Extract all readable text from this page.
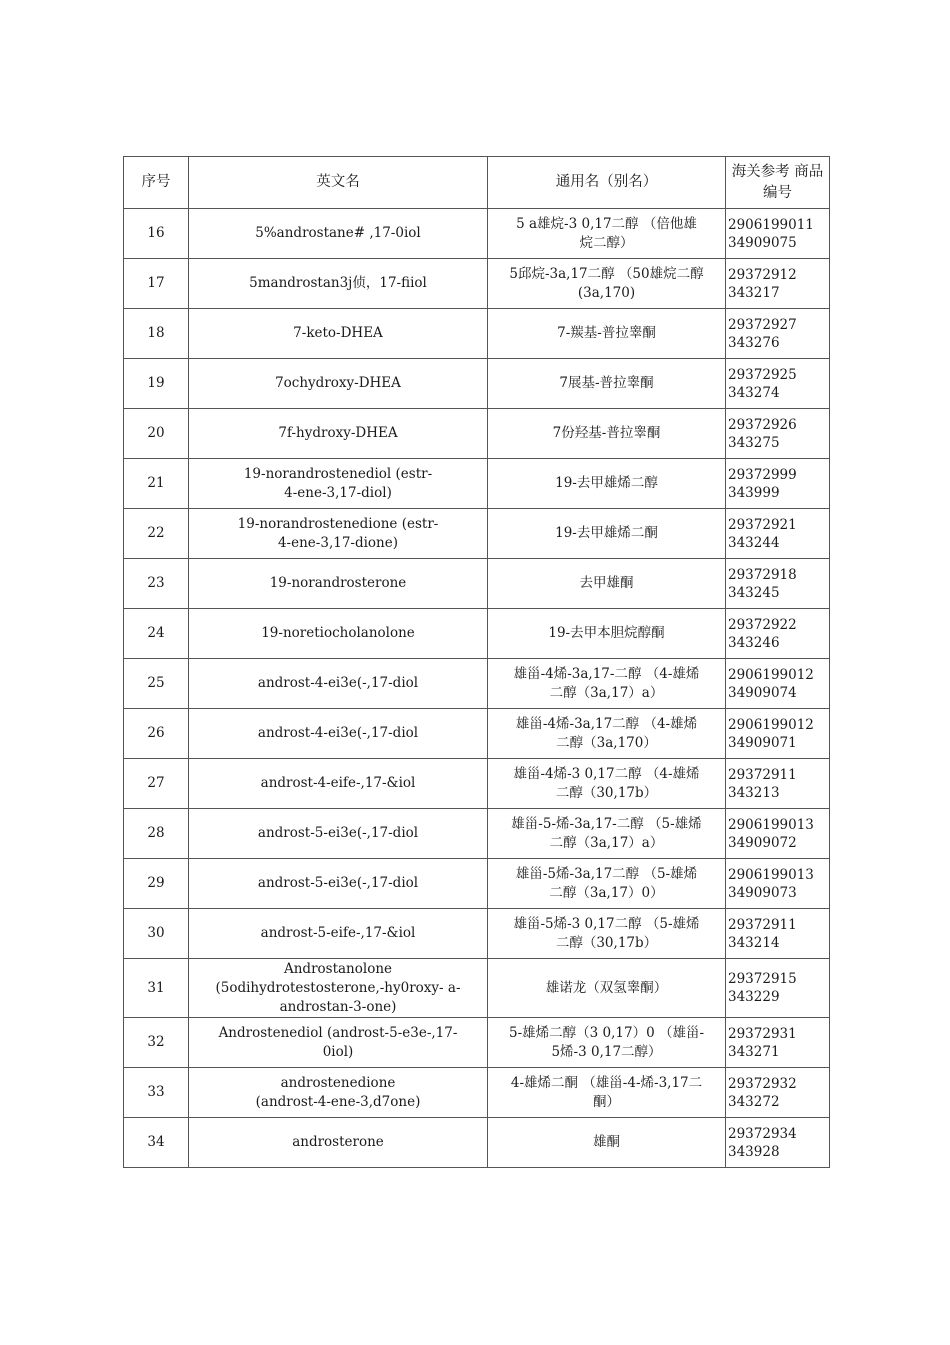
序号	英文名	通用名（别名）	海关参考 商品编号
16	5%androstane# ,17-0iol	5 a雄烷-3 0,17二醇 （倍他雄
烷二醇）	2906199011
34909075

17	5mandrostan3j侦，17-fiiol	5邱烷-3a,17二醇 （50雄烷二醇
(3a,170)	29372912
343217

18	7-keto-DHEA	7-羰基-普拉睾酮	29372927
343276

19	7ochydroxy-DHEA	7展基-普拉睾酮	29372925
343274

20	7f-hydroxy-DHEA	7份羟基-普拉睾酮	29372926
343275

21	19-norandrostenediol (estr-
4-ene-3,17-diol)	19-去甲雄烯二醇	29372999
343999

22	19-norandrostenedione (estr-
4-ene-3,17-dione)	19-去甲雄烯二酮	29372921
343244

23	19-norandrosterone	去甲雄酮	29372918
343245

24	19-noretiocholanolone	19-去甲本胆烷醇酮	29372922
343246

25	androst-4-ei3e(-,17-diol	雄甾-4烯-3a,17-二醇 （4-雄烯
二醇（3a,17）a）	2906199012
34909074

26	androst-4-ei3e(-,17-diol	雄甾-4烯-3a,17二醇 （4-雄烯
二醇（3a,170）	2906199012
34909071

27	androst-4-eife-,17-&iol	雄甾-4烯-3 0,17二醇 （4-雄烯
二醇（30,17b）	29372911
343213

28	androst-5-ei3e(-,17-diol	雄甾-5-烯-3a,17-二醇 （5-雄烯
二醇（3a,17）a）	2906199013
34909072

29	androst-5-ei3e(-,17-diol	雄甾-5烯-3a,17二醇 （5-雄烯
二醇（3a,17）0）	2906199013
34909073

30	androst-5-eife-,17-&iol	雄甾-5烯-3 0,17二醇 （5-雄烯
二醇（30,17b）	29372911
343214

31	Androstanolone
(5odihydrotestosterone,-hy0roxy- a-
androstan-3-one)	雄诺龙（双氢睾酮）	29372915
343229

32	Androstenediol (androst-5-e3e-,17-
0iol)	5-雄烯二醇（3 0,17）0 （雄甾-
5烯-3 0,17二醇）	29372931
343271

33	androstenedione
(androst-4-ene-3,d7one)	4-雄烯二酮 （雄甾-4-烯-3,17二
酮）	29372932
343272

34	androsterone	雄酮	29372934
343928
